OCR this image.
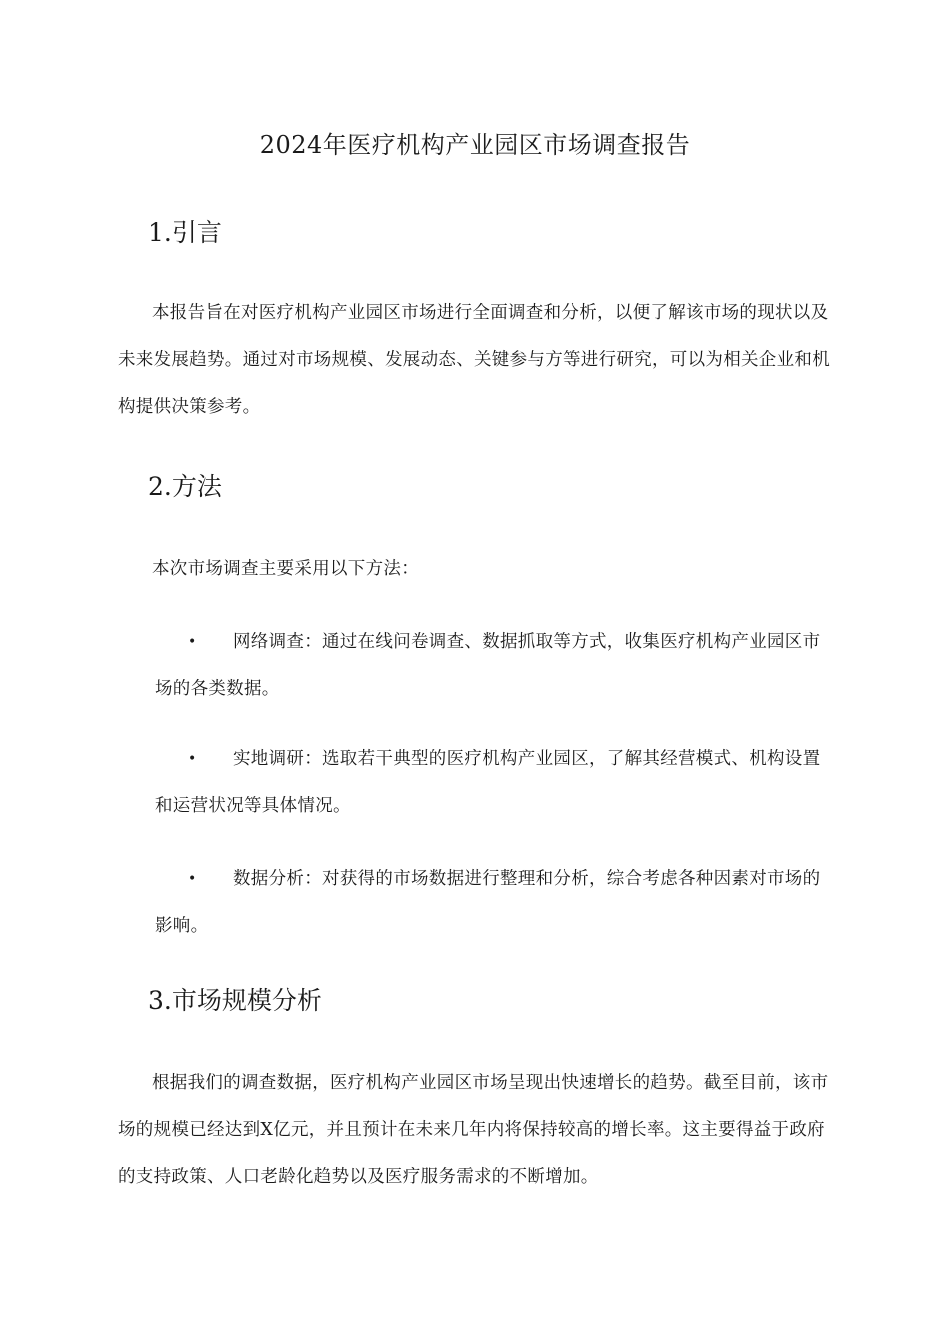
2024年医疗机构产业园区市场调查报告
1.引言

本报告旨在对医疗机构产业园区市场进行全面调查和分析，以便了解该市场的现状以及未来发展趋势。通过对市场规模、发展动态、关键参与方等进行研究，可以为相关企业和机构提供决策参考。

2.方法

本次市场调查主要采用以下方法：

•	网络调查：通过在线问卷调查、数据抓取等方式，收集医疗机构产业园区市场的各类数据。
•	实地调研：选取若干典型的医疗机构产业园区，了解其经营模式、机构设置和运营状况等具体情况。
•	数据分析：对获得的市场数据进行整理和分析，综合考虑各种因素对市场的影响。
3.市场规模分析

根据我们的调查数据，医疗机构产业园区市场呈现出快速增长的趋势。截至目前，该市场的规模已经达到X亿元，并且预计在未来几年内将保持较高的增长率。这主要得益于政府的支持政策、人口老龄化趋势以及医疗服务需求的不断增加。
